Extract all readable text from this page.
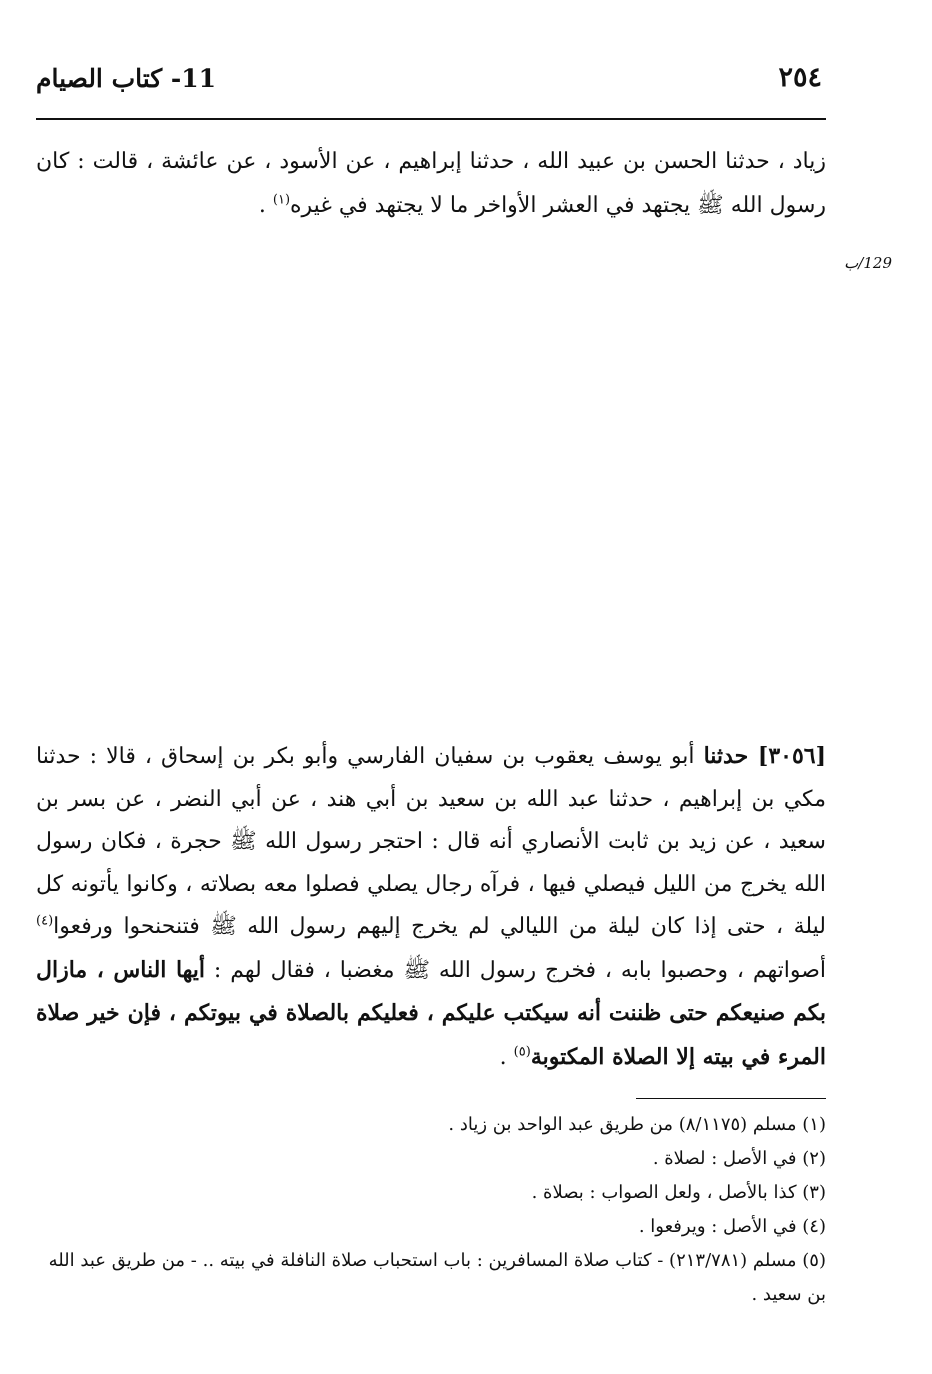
11- كتاب الصيام	٢٥٤
زياد ، حدثنا الحسن بن عبيد الله ، حدثنا إبراهيم ، عن الأسود ، عن عائشة ، قالت : كان رسول الله ﷺ يجتهد في العشر الأواخر ما لا يجتهد في غيره$^{(١)}$ .
129/ب
[٣٠٥٦] حدثنا أبو يوسف يعقوب بن سفيان الفارسي وأبو بكر بن إسحاق ، قالا : حدثنا مكي بن إبراهيم ، حدثنا عبد الله بن سعيد بن أبي هند ، عن أبي النضر ، عن بسر بن سعيد ، عن زيد بن ثابت الأنصاري أنه قال : احتجر رسول الله ﷺ حجرة ، فكان رسول الله يخرج من الليل فيصلي فيها ، فرآه رجال يصلي فصلوا معه بصلاته ، وكانوا يأتونه كل ليلة ، حتى إذا كان ليلة من الليالي لم يخرج إليهم رسول الله ﷺ فتنحنحوا ورفعوا$^{(٤)}$ أصواتهم ، وحصبوا بابه ، فخرج رسول الله ﷺ مغضبا ، فقال لهم : أيها الناس ، مازال بكم صنيعكم حتى ظننت أنه سيكتب عليكم ، فعليكم بالصلاة في بيوتكم ، فإن خير صلاة المرء في بيته إلا الصلاة المكتوبة$^{(٥)}$ .
(١) مسلم (٨/١١٧٥) من طريق عبد الواحد بن زياد .
(٢) في الأصل : لصلاة .
(٣) كذا بالأصل ، ولعل الصواب : بصلاة .
(٤) في الأصل : ويرفعوا .
(٥) مسلم (٢١٣/٧٨١) - كتاب صلاة المسافرين : باب استحباب صلاة النافلة في بيته .. - من طريق عبد الله بن سعيد .
